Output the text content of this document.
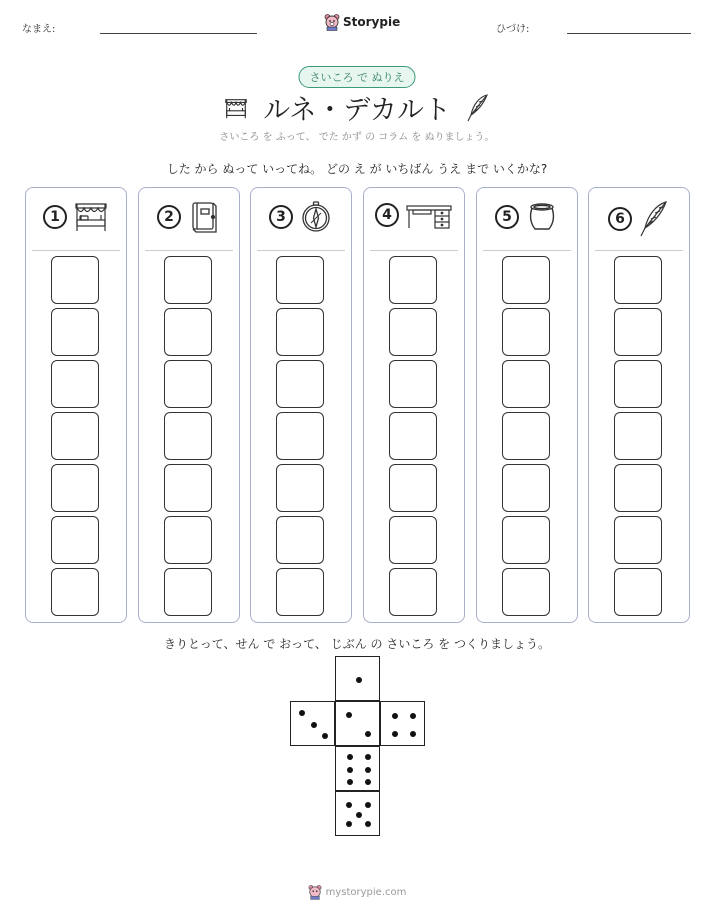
なまえ:
Storypie
ひづけ:
さいころ で ぬりえ
ルネ・デカルト
さいころ を ふって、 でた かず の コラム を ぬりましょう。
した から ぬって いってね。 どの え が いちばん うえ まで いくかな?
1	2	3	4	5	6
きりとって、せん で おって、 じぶん の さいころ を つくりましょう。
mystorypie.com
